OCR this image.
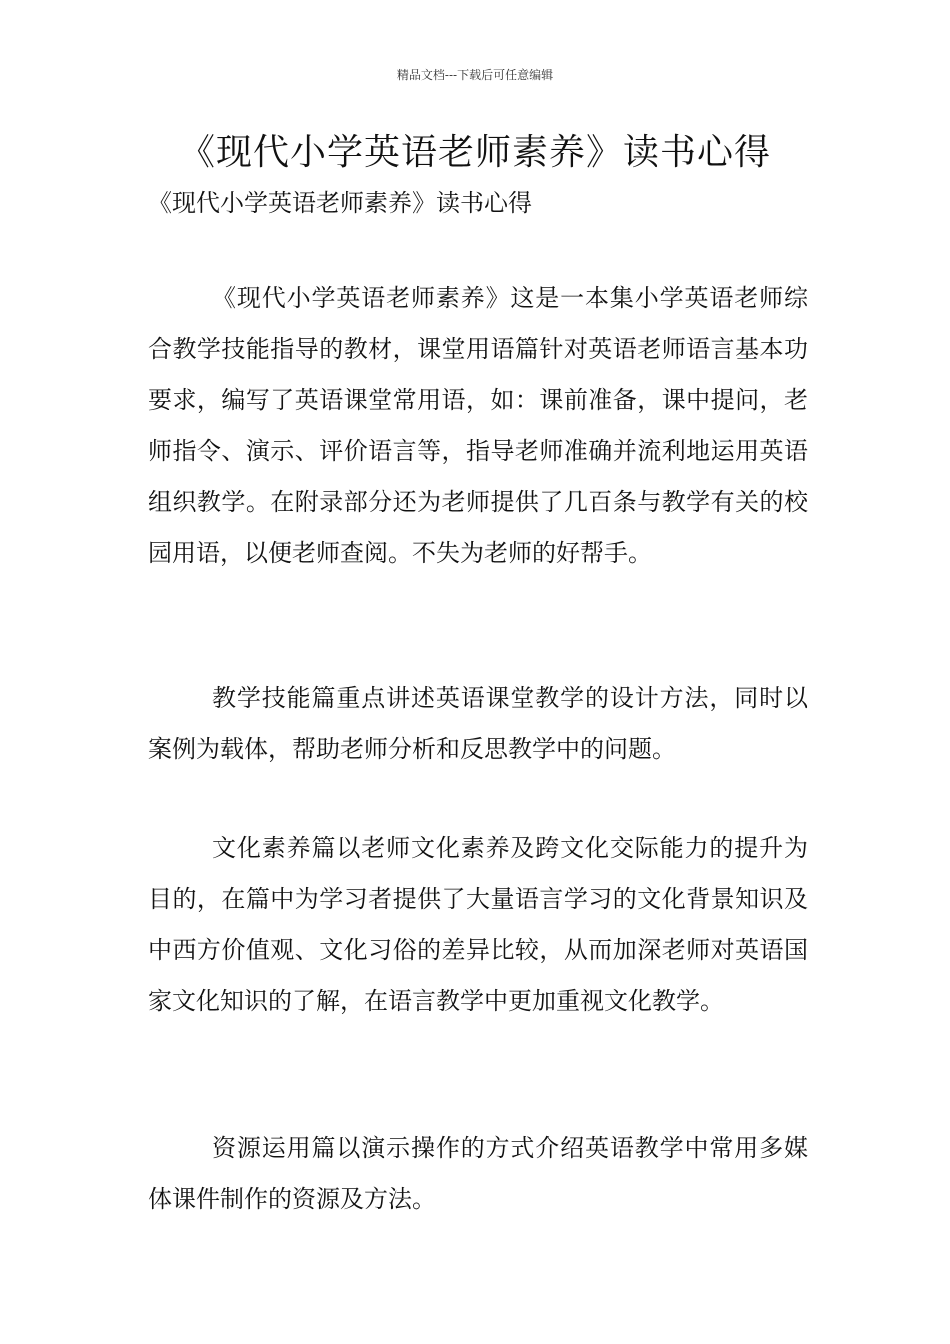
精品文档---下载后可任意编辑
《现代小学英语老师素养》读书心得
《现代小学英语老师素养》读书心得

《现代小学英语老师素养》这是一本集小学英语老师综合教学技能指导的教材，课堂用语篇针对英语老师语言基本功要求，编写了英语课堂常用语，如：课前准备，课中提问，老师指令、演示、评价语言等，指导老师准确并流利地运用英语组织教学。在附录部分还为老师提供了几百条与教学有关的校园用语，以便老师查阅。不失为老师的好帮手。

教学技能篇重点讲述英语课堂教学的设计方法，同时以案例为载体，帮助老师分析和反思教学中的问题。

文化素养篇以老师文化素养及跨文化交际能力的提升为目的，在篇中为学习者提供了大量语言学习的文化背景知识及中西方价值观、文化习俗的差异比较，从而加深老师对英语国家文化知识的了解，在语言教学中更加重视文化教学。

资源运用篇以演示操作的方式介绍英语教学中常用多媒体课件制作的资源及方法。
